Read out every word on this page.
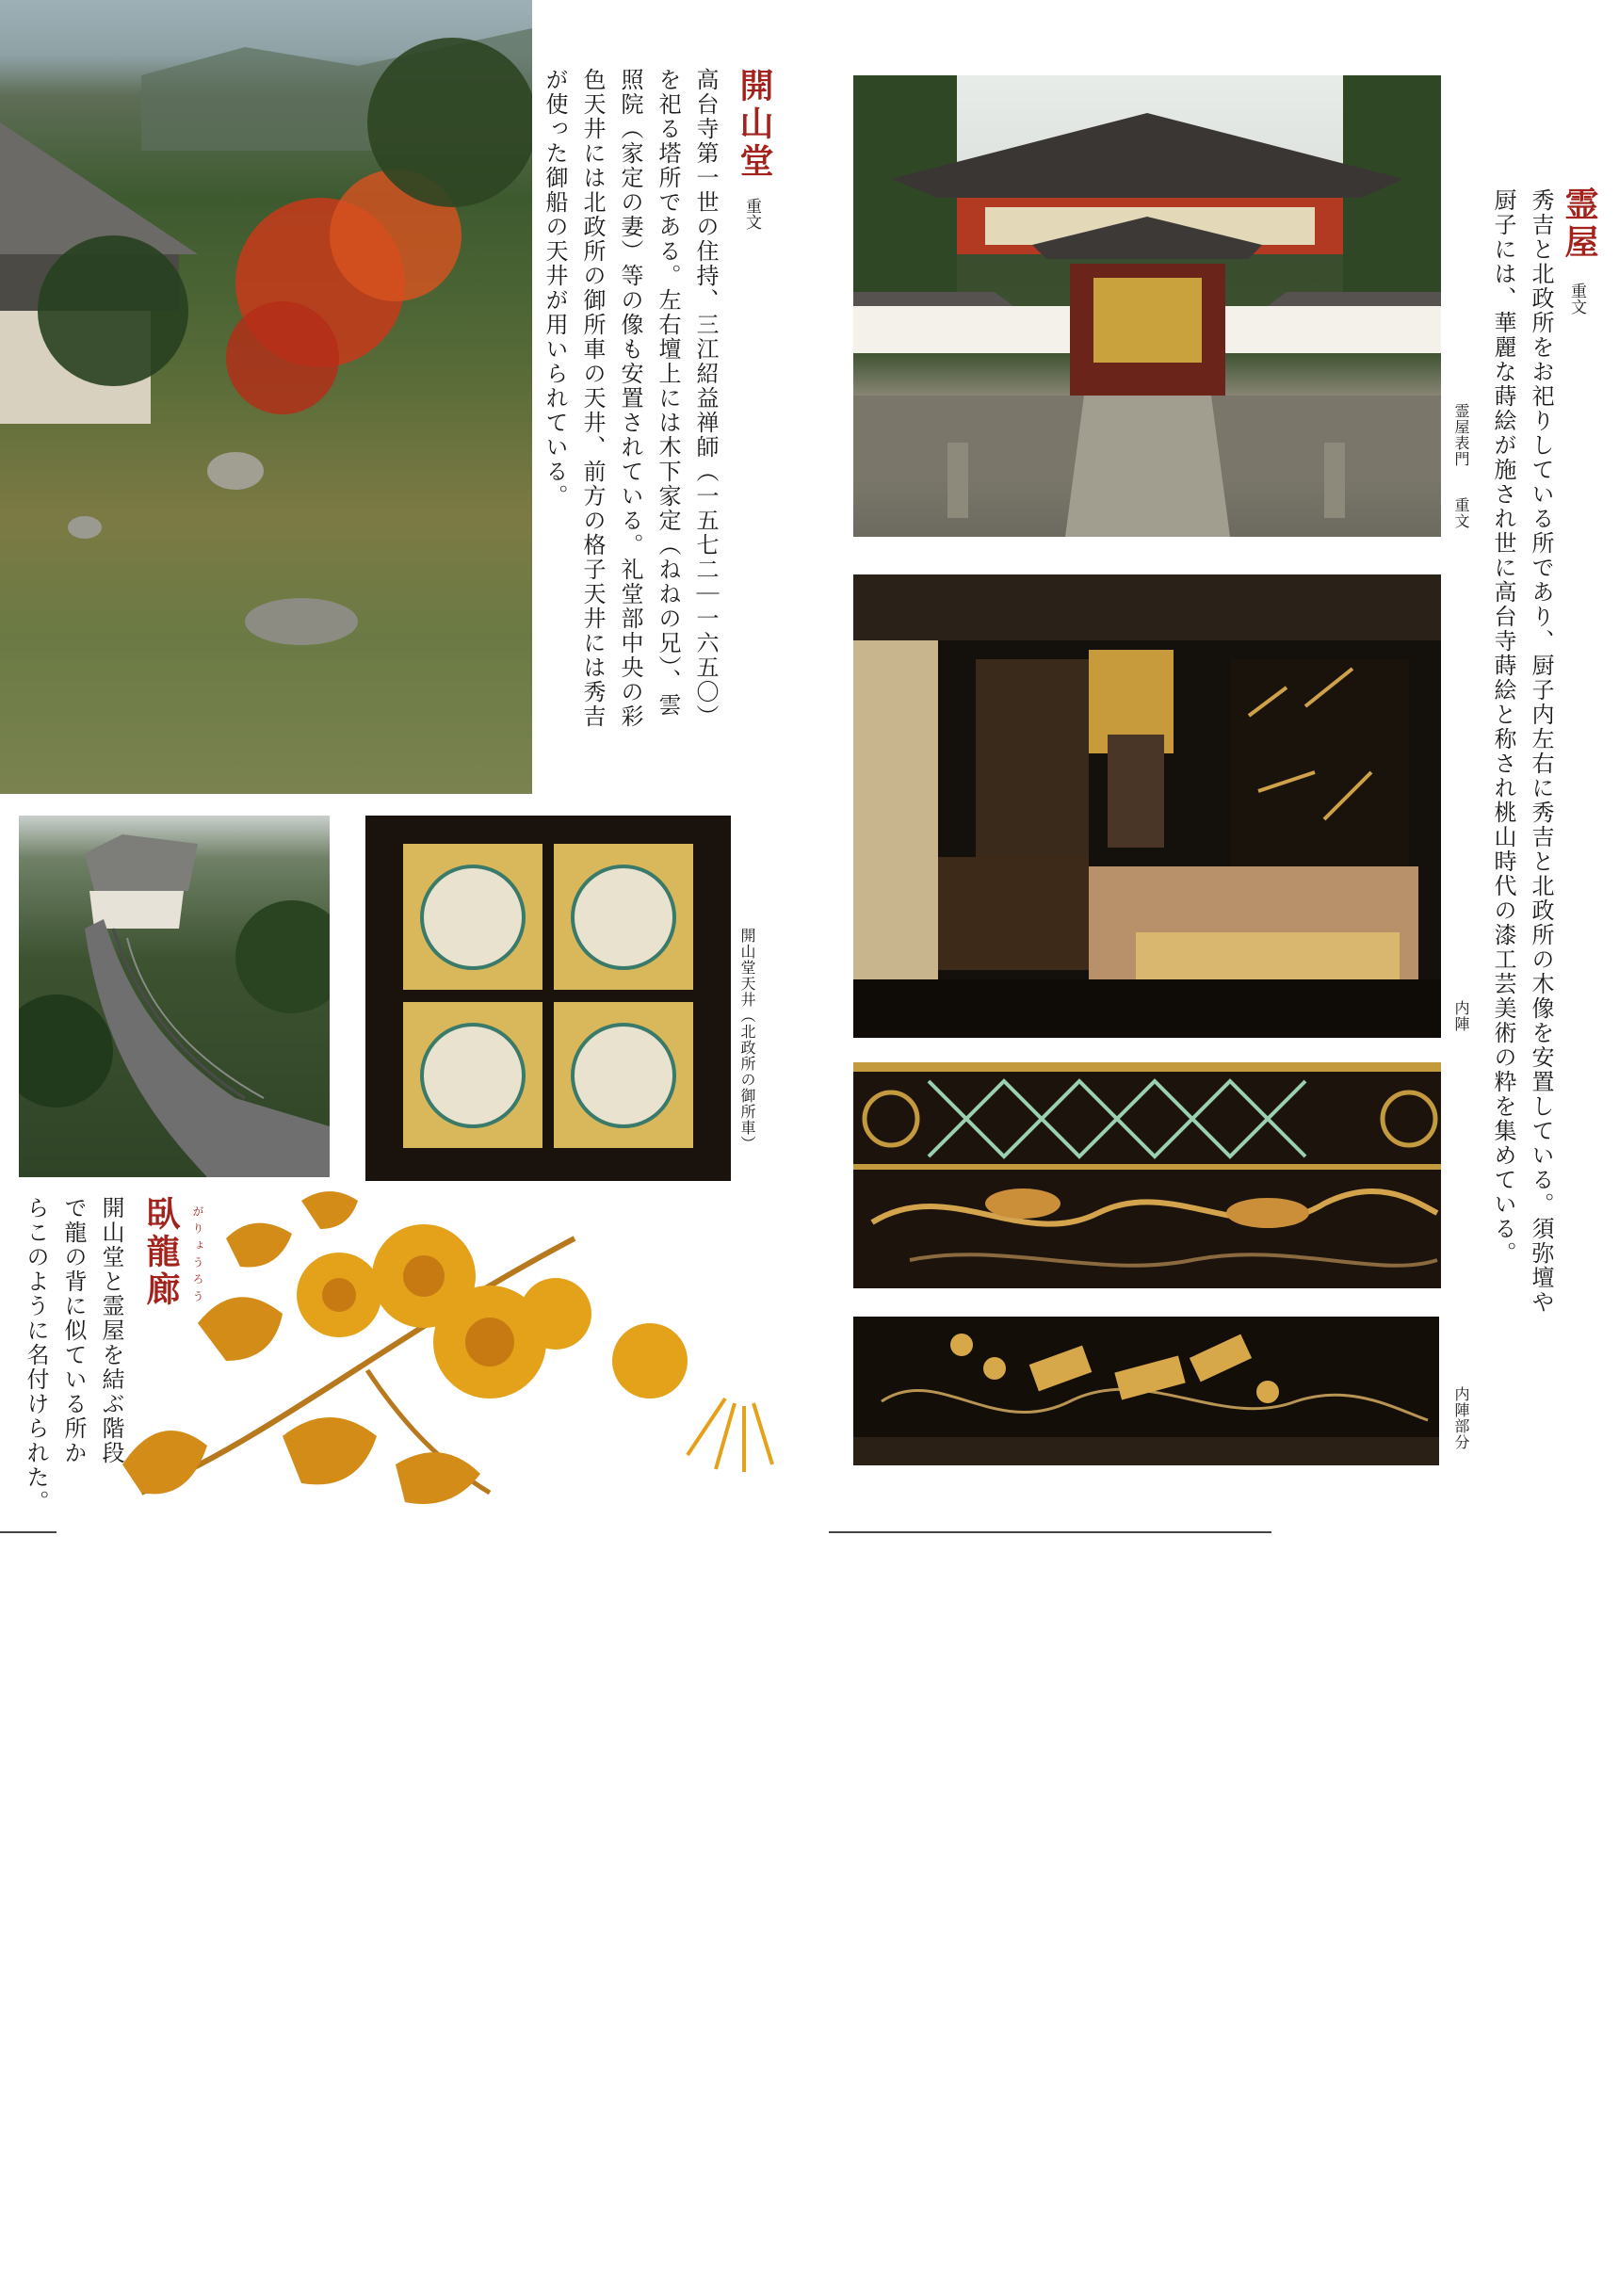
開山堂
重文
高台寺第一世の住持、三江紹益禅師（一五七二｜一六五〇）
を祀る塔所である。左右壇上には木下家定（ねねの兄）、雲
照院（家定の妻）等の像も安置されている。礼堂部中央の彩
色天井には北政所の御所車の天井、前方の格子天井には秀吉
が使った御船の天井が用いられている。
開山堂天井（北政所の御所車）
がりょうろう
臥龍廊
開山堂と霊屋を結ぶ階段
で龍の背に似ている所か
らこのように名付けられた。
霊屋表門
重文
霊屋
重文
秀吉と北政所をお祀りしている所であり、厨子内左右に秀吉と北政所の木像を安置している。須弥壇や
厨子には、華麗な蒔絵が施され世に高台寺蒔絵と称され桃山時代の漆工芸美術の粋を集めている。
内陣
内陣部分
